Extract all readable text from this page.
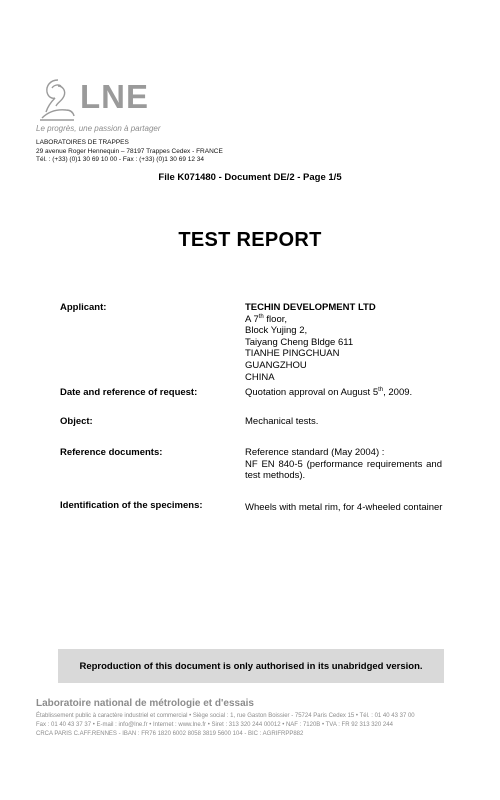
LNE
Le progrès, une passion à partager
LABORATOIRES DE TRAPPES
29 avenue Roger Hennequin – 78197 Trappes Cedex - FRANCE
Tél. : (+33) (0)1 30 69 10 00 - Fax : (+33) (0)1 30 69 12 34
File K071480 - Document DE/2 - Page 1/5
TEST REPORT
Applicant:	TECHIN DEVELOPMENT LTD
A 7th floor,
Block Yujing 2,
Taiyang Cheng Bldge 611
TIANHE PINGCHUAN
GUANGZHOU
CHINA
Date and reference of request:	Quotation approval on August 5th, 2009.
Object:	Mechanical tests.
Reference documents:	Reference standard (May 2004) :
NF EN 840-5 (performance requirements and test methods).
Identification of the specimens:	Wheels with metal rim, for 4-wheeled container
Reproduction of this document is only authorised in its unabridged version.
Laboratoire national de métrologie et d'essais
Établissement public à caractère industriel et commercial • Siège social : 1, rue Gaston Boissier - 75724 Paris Cedex 15 • Tél. : 01 40 43 37 00
Fax : 01 40 43 37 37 • E-mail : info@lne.fr • Internet : www.lne.fr • Siret : 313 320 244 00012 • NAF : 7120B • TVA : FR 92 313 320 244
CRCA PARIS C.AFF.RENNES - IBAN : FR76 1820 6002 8058 3819 5600 104 - BIC : AGRIFRPP882
